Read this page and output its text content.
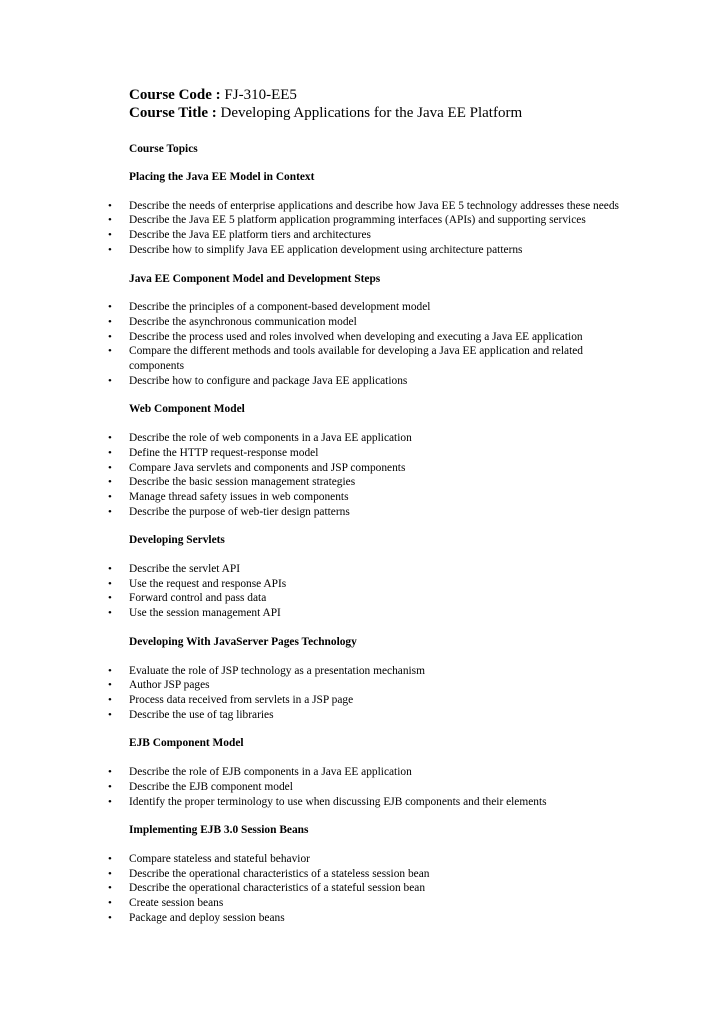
Course Code : FJ-310-EE5
Course Title : Developing Applications for the Java EE Platform
Course Topics
Placing the Java EE Model in Context
• Describe the needs of enterprise applications and describe how Java EE 5 technology addresses these needs
• Describe the Java EE 5 platform application programming interfaces (APIs) and supporting services
• Describe the Java EE platform tiers and architectures
• Describe how to simplify Java EE application development using architecture patterns
Java EE Component Model and Development Steps
• Describe the principles of a component-based development model
• Describe the asynchronous communication model
• Describe the process used and roles involved when developing and executing a Java EE application
• Compare the different methods and tools available for developing a Java EE application and related components
• Describe how to configure and package Java EE applications
Web Component Model
• Describe the role of web components in a Java EE application
• Define the HTTP request-response model
• Compare Java servlets and components and JSP components
• Describe the basic session management strategies
• Manage thread safety issues in web components
• Describe the purpose of web-tier design patterns
Developing Servlets
• Describe the servlet API
• Use the request and response APIs
• Forward control and pass data
• Use the session management API
Developing With JavaServer Pages Technology
• Evaluate the role of JSP technology as a presentation mechanism
• Author JSP pages
• Process data received from servlets in a JSP page
• Describe the use of tag libraries
EJB Component Model
• Describe the role of EJB components in a Java EE application
• Describe the EJB component model
• Identify the proper terminology to use when discussing EJB components and their elements
Implementing EJB 3.0 Session Beans
• Compare stateless and stateful behavior
• Describe the operational characteristics of a stateless session bean
• Describe the operational characteristics of a stateful session bean
• Create session beans
• Package and deploy session beans
